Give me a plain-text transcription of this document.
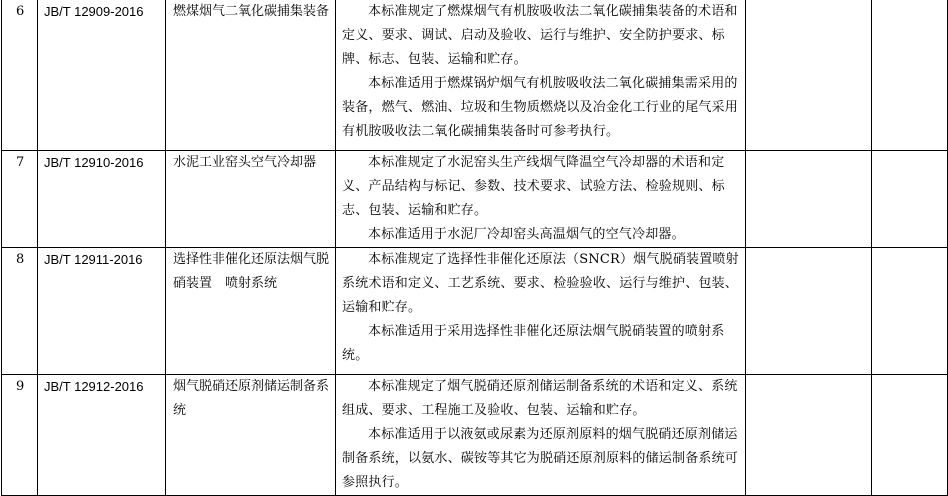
6	JB/T 12909-2016	燃煤烟气二氧化碳捕集装备	本标准规定了燃煤烟气有机胺吸收法二氧化碳捕集装备的术语和定义、要求、调试、启动及验收、运行与维护、安全防护要求、标牌、标志、包装、运输和贮存。
本标准适用于燃煤锅炉烟气有机胺吸收法二氧化碳捕集需采用的装备，燃气、燃油、垃圾和生物质燃烧以及冶金化工行业的尾气采用有机胺吸收法二氧化碳捕集装备时可参考执行。		

7	JB/T 12910-2016	水泥工业窑头空气冷却器	本标准规定了水泥窑头生产线烟气降温空气冷却器的术语和定义、产品结构与标记、参数、技术要求、试验方法、检验规则、标志、包装、运输和贮存。
本标准适用于水泥厂冷却窑头高温烟气的空气冷却器。		

8	JB/T 12911-2016	选择性非催化还原法烟气脱硝装置　喷射系统	本标准规定了选择性非催化还原法（SNCR）烟气脱硝装置喷射系统术语和定义、工艺系统、要求、检验验收、运行与维护、包装、运输和贮存。
本标准适用于采用选择性非催化还原法烟气脱硝装置的喷射系统。		

9	JB/T 12912-2016	烟气脱硝还原剂储运制备系统	本标准规定了烟气脱硝还原剂储运制备系统的术语和定义、系统组成、要求、工程施工及验收、包装、运输和贮存。
本标准适用于以液氨或尿素为还原剂原料的烟气脱硝还原剂储运制备系统，以氨水、碳铵等其它为脱硝还原剂原料的储运制备系统可参照执行。		
